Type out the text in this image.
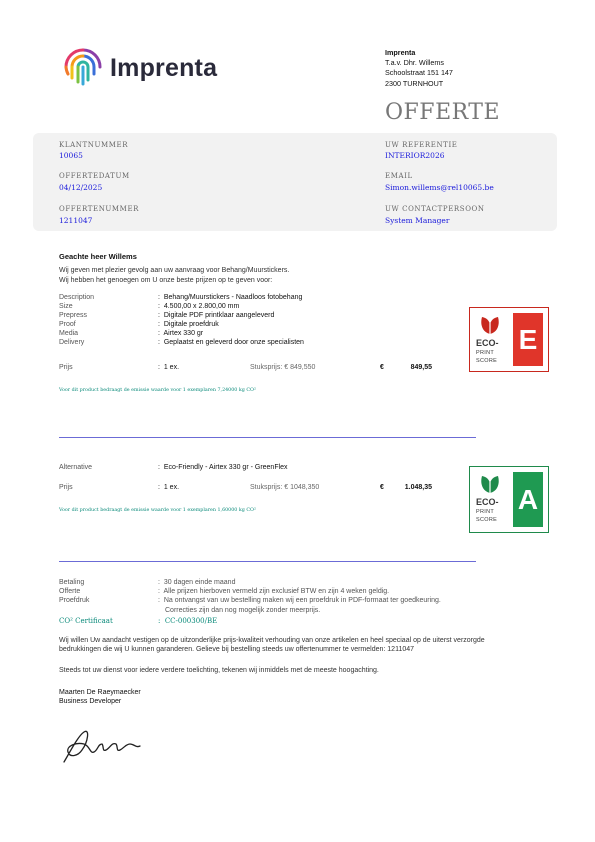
Imprenta
Imprenta
T.a.v. Dhr. Willems
Schoolstraat 151 147
2300 TURNHOUT
OFFERTE
KLANTNUMMER
10065
OFFERTEDATUM
04/12/2025
OFFERTENUMMER
1211047
UW REFERENTIE
INTERIOR2026
EMAIL
Simon.willems@rel10065.be
UW CONTACTPERSOON
System Manager
Geachte heer Willems
Wij geven met plezier gevolg aan uw aanvraag voor Behang/Muurstickers.
Wij hebben het genoegen om U onze beste prijzen op te geven voor:
Description	:  Behang/Muurstickers - Naadloos fotobehang
Size	:  4.500,00 x 2.800,00 mm
Prepress	:  Digitale PDF printklaar aangeleverd
Proof	:  Digitale proefdruk
Media	:  Airtex 330 gr
Delivery	:  Geplaatst en geleverd door onze specialisten
Prijs	:  1 ex.	Stuksprijs: € 849,550	€	849,55
Voor dit product bedraagt de emissie waarde voor 1 exemplaren 7,24000 kg CO²
ECO-
PRINT
SCORE
E
Alternative	:  Eco-Friendly - Airtex 330 gr - GreenFlex
Prijs	:  1 ex.	Stuksprijs: € 1048,350	€	1.048,35
Voor dit product bedraagt de emissie waarde voor 1 exemplaren 1,60000 kg CO²
ECO-
PRINT
SCORE
A
Betaling	:  30 dagen einde maand
Offerte	:  Alle prijzen hierboven vermeld zijn exclusief BTW en zijn 4 weken geldig.
Proefdruk	:  Na ontvangst van uw bestelling maken wij een proefdruk in PDF-formaat ter goedkeuring.
Correcties zijn dan nog mogelijk zonder meerprijs.
CO² Certificaat	:  CC-000300/BE
Wij willen Uw aandacht vestigen op de uitzonderlijke prijs-kwaliteit verhouding van onze artikelen en heel speciaal op de uiterst verzorgde
bedrukkingen die wij U kunnen garanderen. Gelieve bij bestelling steeds uw offertenummer te vermelden: 1211047
Steeds tot uw dienst voor iedere verdere toelichting, tekenen wij inmiddels met de meeste hoogachting.
Maarten De Raeymaecker
Business Developer
